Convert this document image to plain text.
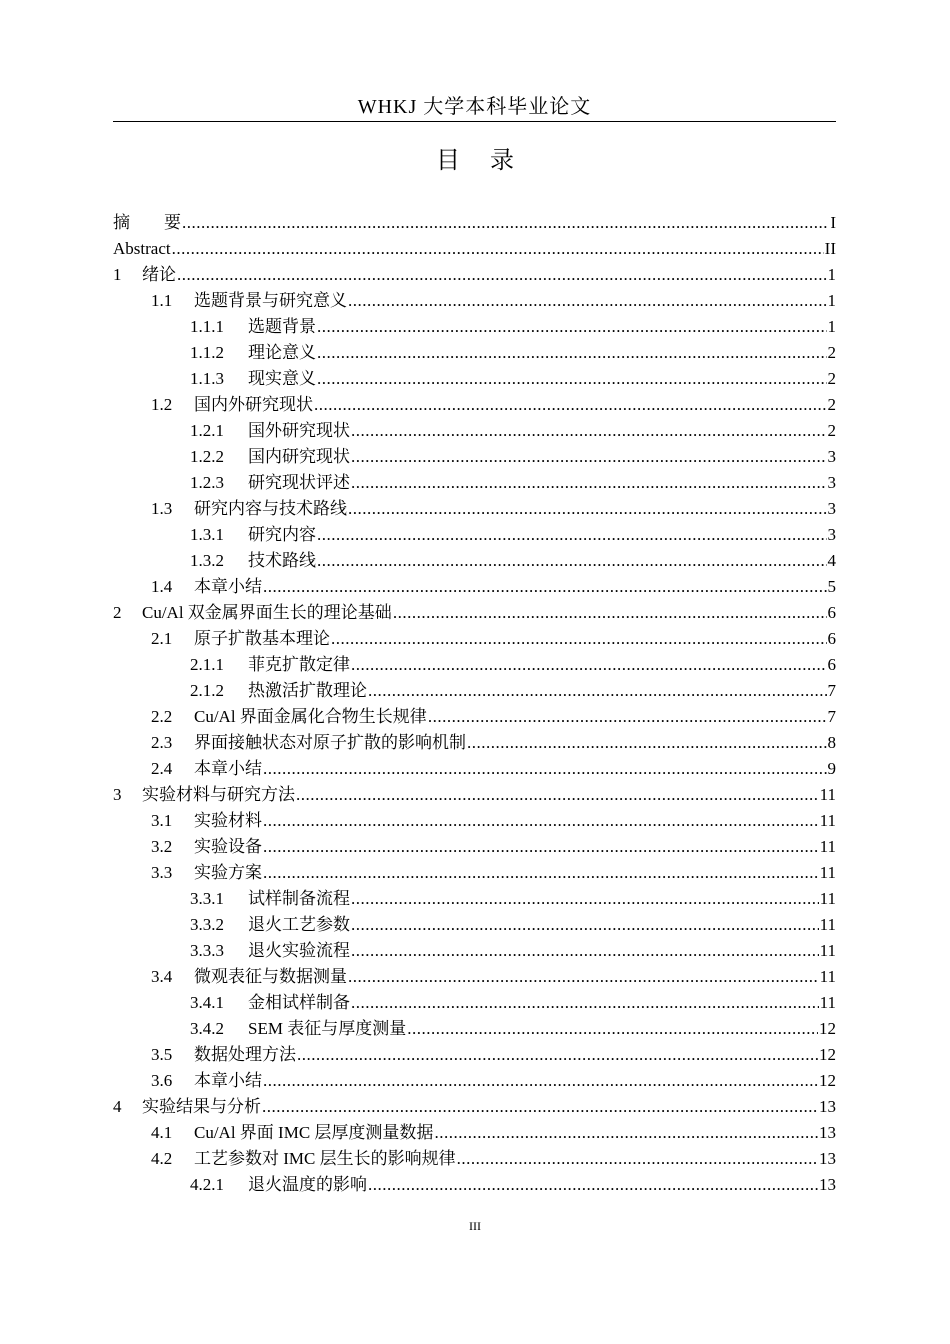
WHKJ 大学本科毕业论文
目录
摘　　要 .....	I
Abstract .....	II
1	绪论 .....	1
1.1	选题背景与研究意义 .....	1
1.1.1	选题背景 .....	1
1.1.2	理论意义 .....	2
1.1.3	现实意义 .....	2
1.2	国内外研究现状 .....	2
1.2.1	国外研究现状 .....	2
1.2.2	国内研究现状 .....	3
1.2.3	研究现状评述 .....	3
1.3	研究内容与技术路线 .....	3
1.3.1	研究内容 .....	3
1.3.2	技术路线 .....	4
1.4	本章小结 .....	5
2	Cu/Al 双金属界面生长的理论基础 .....	6
2.1	原子扩散基本理论 .....	6
2.1.1	菲克扩散定律 .....	6
2.1.2	热激活扩散理论 .....	7
2.2	Cu/Al 界面金属化合物生长规律 .....	7
2.3	界面接触状态对原子扩散的影响机制 .....	8
2.4	本章小结 .....	9
3	实验材料与研究方法 .....	11
3.1	实验材料 .....	11
3.2	实验设备 .....	11
3.3	实验方案 .....	11
3.3.1	试样制备流程 .....	11
3.3.2	退火工艺参数 .....	11
3.3.3	退火实验流程 .....	11
3.4	微观表征与数据测量 .....	11
3.4.1	金相试样制备 .....	11
3.4.2	SEM 表征与厚度测量 .....	12
3.5	数据处理方法 .....	12
3.6	本章小结 .....	12
4	实验结果与分析 .....	13
4.1	Cu/Al 界面 IMC 层厚度测量数据 .....	13
4.2	工艺参数对 IMC 层生长的影响规律 .....	13
4.2.1	退火温度的影响 .....	13
III
